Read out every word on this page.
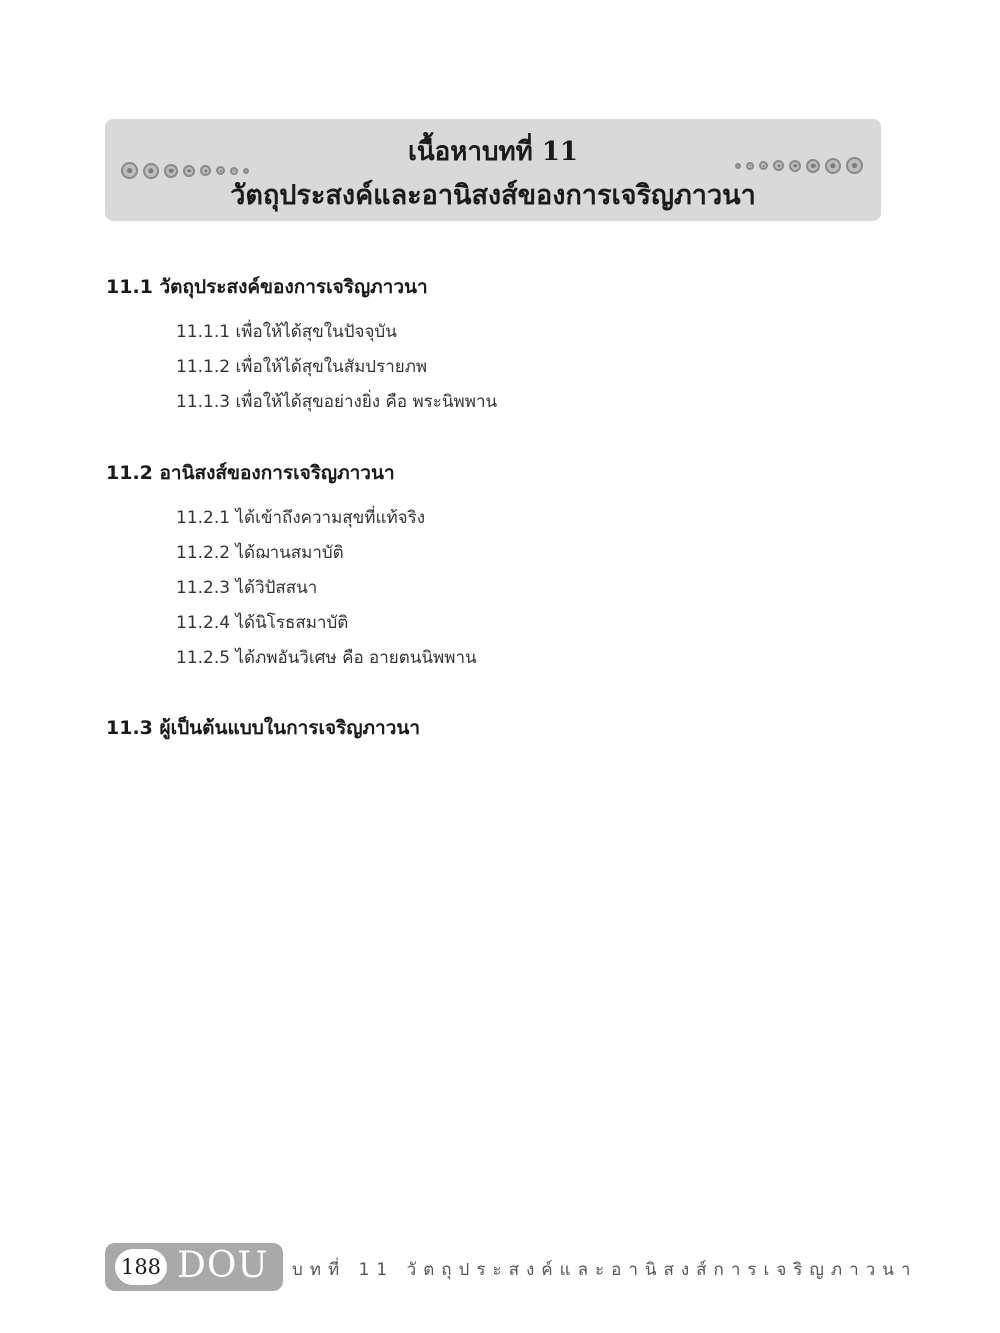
เนื้อหาบทที่ 11
วัตถุประสงค์และอานิสงส์ของการเจริญภาวนา
11.1 วัตถุประสงค์ของการเจริญภาวนา
11.1.1 เพื่อให้ได้สุขในปัจจุบัน
11.1.2 เพื่อให้ได้สุขในสัมปรายภพ
11.1.3 เพื่อให้ได้สุขอย่างยิ่ง คือ พระนิพพาน
11.2 อานิสงส์ของการเจริญภาวนา
11.2.1 ได้เข้าถึงความสุขที่แท้จริง
11.2.2 ได้ฌานสมาบัติ
11.2.3 ได้วิปัสสนา
11.2.4 ได้นิโรธสมาบัติ
11.2.5 ได้ภพอันวิเศษ คือ อายตนนิพพาน
11.3 ผู้เป็นต้นแบบในการเจริญภาวนา
188 DOU บทที่ 11 วัตถุประสงค์และอานิสงส์การเจริญภาวนา
